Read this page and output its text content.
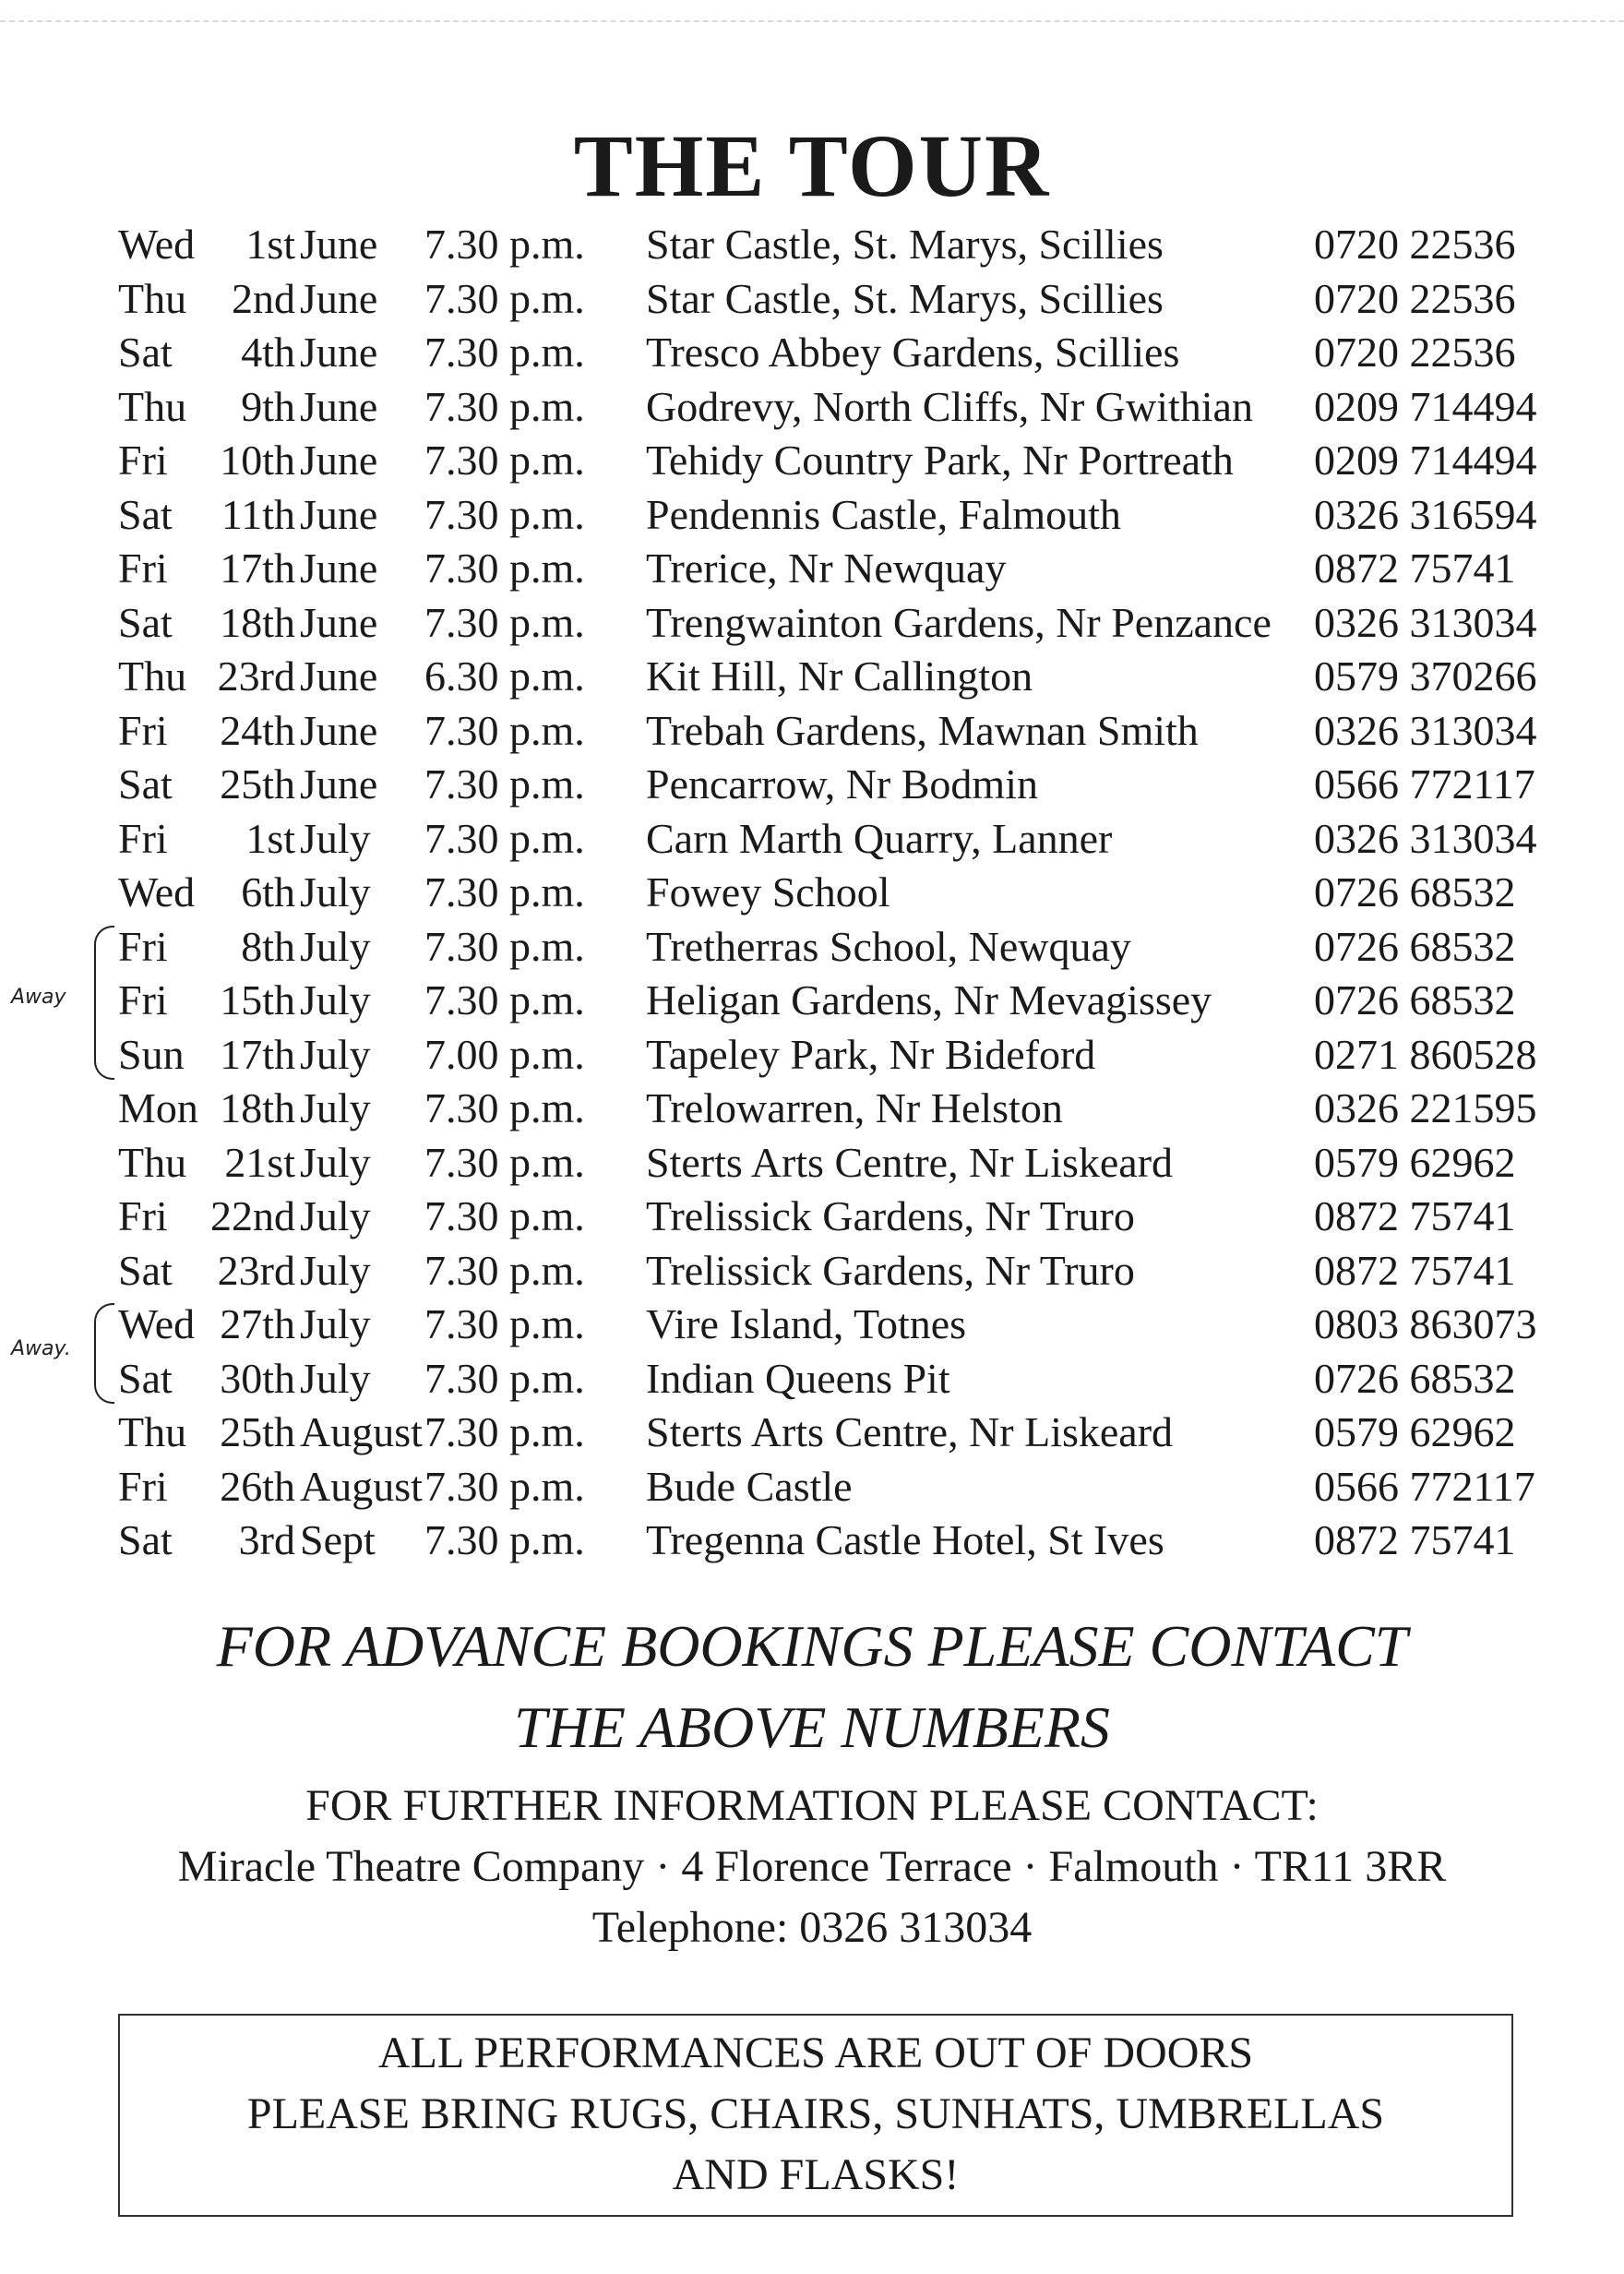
THE TOUR
Wed 1st June 7.30 p.m. Star Castle, St. Marys, Scillies	0720 22536
Thu 2nd June 7.30 p.m. Star Castle, St. Marys, Scillies	0720 22536
Sat 4th June 7.30 p.m. Tresco Abbey Gardens, Scillies	0720 22536
Thu 9th June 7.30 p.m. Godrevy, North Cliffs, Nr Gwithian 0209 714494
Fri 10th June 7.30 p.m. Tehidy Country Park, Nr Portreath 0209 714494
Sat 11th June 7.30 p.m. Pendennis Castle, Falmouth	0326 316594
Fri 17th June 7.30 p.m. Trerice, Nr Newquay	0872 75741
Sat 18th June 7.30 p.m. Trengwainton Gardens, Nr Penzance 0326 313034
Thu 23rd June 6.30 p.m. Kit Hill, Nr Callington	0579 370266
Fri 24th June 7.30 p.m. Trebah Gardens, Mawnan Smith	0326 313034
Sat 25th June 7.30 p.m. Pencarrow, Nr Bodmin	0566 772117
Fri 1st July 7.30 p.m. Carn Marth Quarry, Lanner	0326 313034
Wed 6th July 7.30 p.m. Fowey School	0726 68532
Fri 8th July 7.30 p.m. Tretherras School, Newquay	0726 68532
Fri 15th July 7.30 p.m. Heligan Gardens, Nr Mevagissey 0726 68532
Sun 17th July 7.00 p.m. Tapeley Park, Nr Bideford	0271 860528
Mon 18th July 7.30 p.m. Trelowarren, Nr Helston	0326 221595
Thu 21st July 7.30 p.m. Sterts Arts Centre, Nr Liskeard	0579 62962
Fri 22nd July 7.30 p.m. Trelissick Gardens, Nr Truro	0872 75741
Sat 23rd July 7.30 p.m. Trelissick Gardens, Nr Truro	0872 75741
Wed 27th July 7.30 p.m. Vire Island, Totnes	0803 863073
Sat 30th July 7.30 p.m. Indian Queens Pit	0726 68532
Thu 25th August 7.30 p.m. Sterts Arts Centre, Nr Liskeard	0579 62962
Fri 26th August 7.30 p.m. Bude Castle	0566 772117
Sat 3rd Sept 7.30 p.m. Tregenna Castle Hotel, St Ives	0872 75741
Away
Away.
FOR ADVANCE BOOKINGS PLEASE CONTACT
THE ABOVE NUMBERS
FOR FURTHER INFORMATION PLEASE CONTACT:
Miracle Theatre Company · 4 Florence Terrace · Falmouth · TR11 3RR
Telephone: 0326 313034
ALL PERFORMANCES ARE OUT OF DOORS
PLEASE BRING RUGS, CHAIRS, SUNHATS, UMBRELLAS
AND FLASKS!
